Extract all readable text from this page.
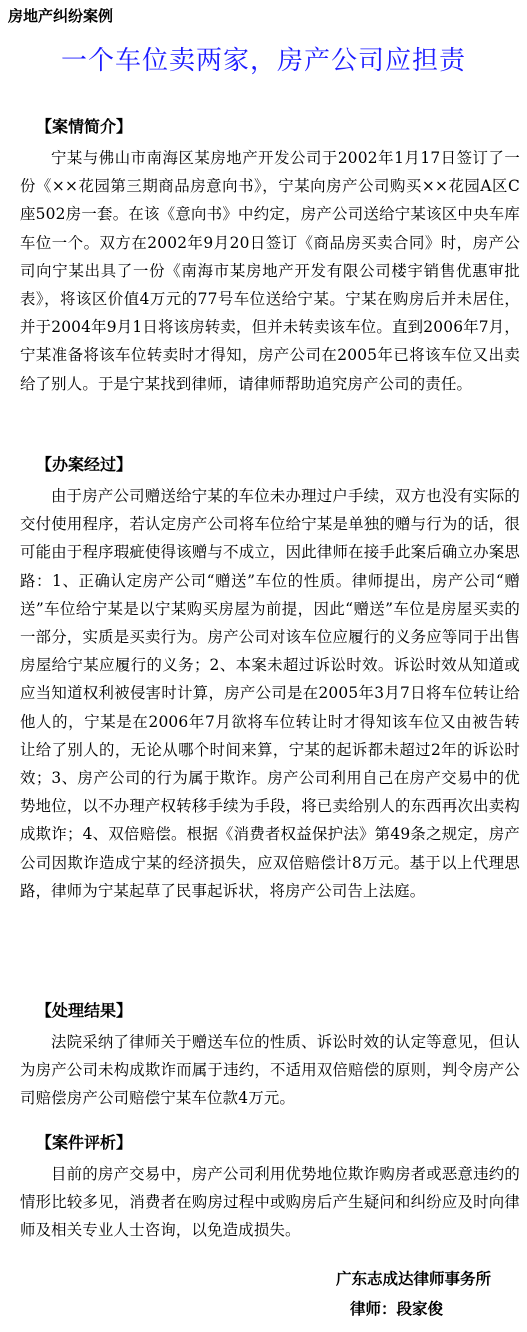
房地产纠纷案例
一个车位卖两家，房产公司应担责
【案情简介】

宁某与佛山市南海区某房地产开发公司于2002年1月17日签订了一份《××花园第三期商品房意向书》，宁某向房产公司购买××花园A区C座502房一套。在该《意向书》中约定，房产公司送给宁某该区中央车库车位一个。双方在2002年9月20日签订《商品房买卖合同》时，房产公司向宁某出具了一份《南海市某房地产开发有限公司楼宇销售优惠审批表》，将该区价值4万元的77号车位送给宁某。宁某在购房后并未居住，并于2004年9月1日将该房转卖，但并未转卖该车位。直到2006年7月，宁某准备将该车位转卖时才得知，房产公司在2005年已将该车位又出卖给了别人。于是宁某找到律师，请律师帮助追究房产公司的责任。

【办案经过】

由于房产公司赠送给宁某的车位未办理过户手续，双方也没有实际的交付使用程序，若认定房产公司将车位给宁某是单独的赠与行为的话，很可能由于程序瑕疵使得该赠与不成立，因此律师在接手此案后确立办案思路：1、正确认定房产公司“赠送”车位的性质。律师提出，房产公司“赠送”车位给宁某是以宁某购买房屋为前提，因此“赠送”车位是房屋买卖的一部分，实质是买卖行为。房产公司对该车位应履行的义务应等同于出售房屋给宁某应履行的义务；2、本案未超过诉讼时效。诉讼时效从知道或应当知道权利被侵害时计算，房产公司是在2005年3月7日将车位转让给他人的，宁某是在2006年7月欲将车位转让时才得知该车位又由被告转让给了别人的，无论从哪个时间来算，宁某的起诉都未超过2年的诉讼时效；3、房产公司的行为属于欺诈。房产公司利用自己在房产交易中的优势地位，以不办理产权转移手续为手段，将已卖给别人的东西再次出卖构成欺诈；4、双倍赔偿。根据《消费者权益保护法》第49条之规定，房产公司因欺诈造成宁某的经济损失，应双倍赔偿计8万元。基于以上代理思路，律师为宁某起草了民事起诉状，将房产公司告上法庭。

【处理结果】

法院采纳了律师关于赠送车位的性质、诉讼时效的认定等意见，但认为房产公司未构成欺诈而属于违约，不适用双倍赔偿的原则，判令房产公司赔偿房产公司赔偿宁某车位款4万元。

【案件评析】

目前的房产交易中，房产公司利用优势地位欺诈购房者或恶意违约的情形比较多见，消费者在购房过程中或购房后产生疑问和纠纷应及时向律师及相关专业人士咨询，以免造成损失。

广东志成达律师事务所
律师：段家俊
